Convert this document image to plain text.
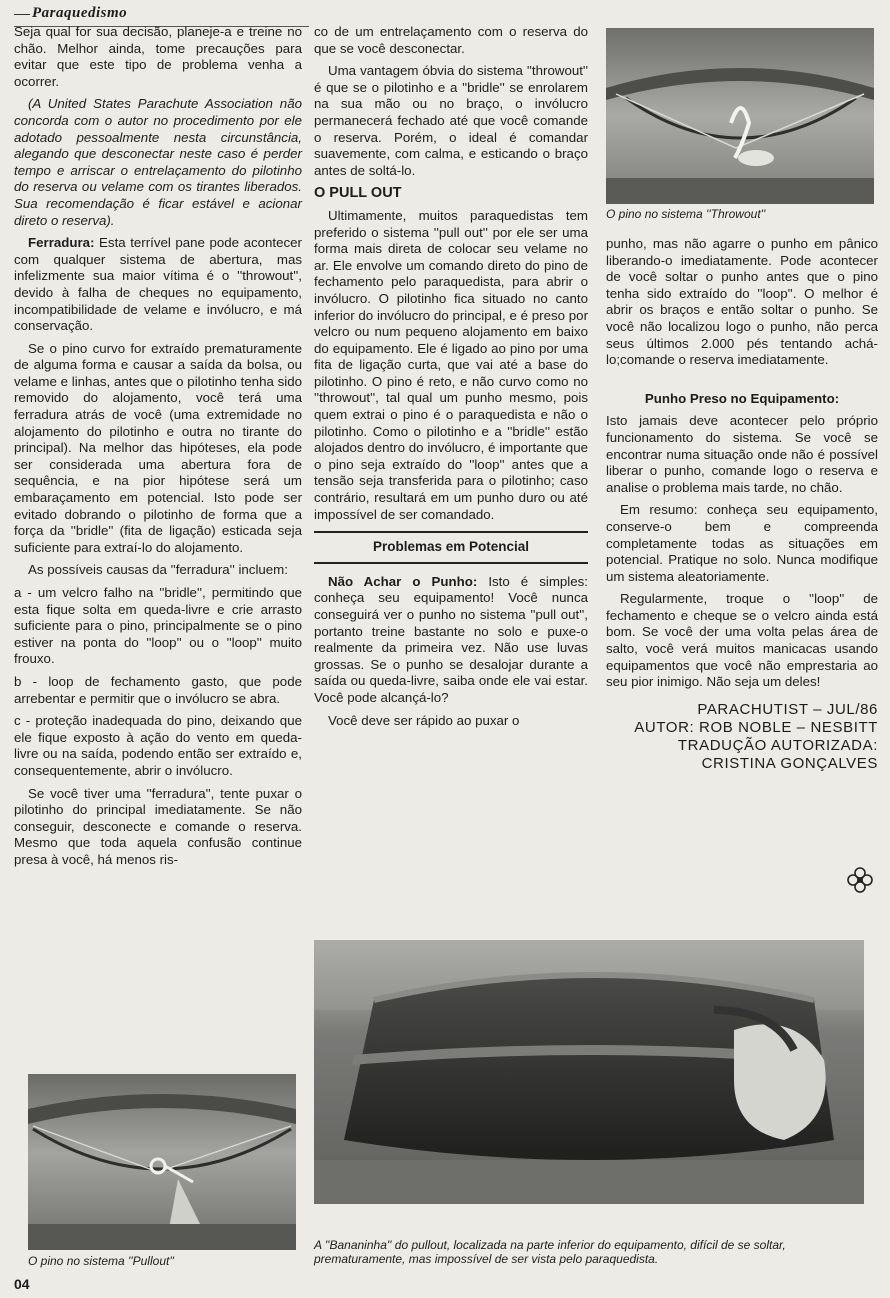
Paraquedismo

Seja qual for sua decisão, planeje-a e treine no chão. Melhor ainda, tome precauções para evitar que este tipo de problema venha a ocorrer.

(A United States Parachute Association não concorda com o autor no procedimento por ele adotado pessoalmente nesta circunstância, alegando que desconectar neste caso é perder tempo e arriscar o entrelaçamento do pilotinho do reserva ou velame com os tirantes liberados. Sua recomendação é ficar estável e acionar direto o reserva).

Ferradura: Esta terrível pane pode acontecer com qualquer sistema de abertura, mas infelizmente sua maior vítima é o ''throwout'', devido à falha de cheques no equipamento, incompatibilidade de velame e invólucro, e má conservação.

Se o pino curvo for extraído prematuramente de alguma forma e causar a saída da bolsa, ou velame e linhas, antes que o pilotinho tenha sido removido do alojamento, você terá uma ferradura atrás de você (uma extremidade no alojamento do pilotinho e outra no tirante do principal). Na melhor das hipóteses, ela pode ser considerada uma abertura fora de sequência, e na pior hipótese será um embaraçamento em potencial. Isto pode ser evitado dobrando o pilotinho de forma que a força da ''bridle'' (fita de ligação) esticada seja suficiente para extraí-lo do alojamento.

As possíveis causas da ''ferradura'' incluem:

a - um velcro falho na ''bridle'', permitindo que esta fique solta em queda-livre e crie arrasto suficiente para o pino, principalmente se o pino estiver na ponta do ''loop'' ou o ''loop'' muito frouxo.

b - loop de fechamento gasto, que pode arrebentar e permitir que o invólucro se abra.

c - proteção inadequada do pino, deixando que ele fique exposto à ação do vento em queda-livre ou na saída, podendo então ser extraído e, consequentemente, abrir o invólucro.

Se você tiver uma ''ferradura'', tente puxar o pilotinho do principal imediatamente. Se não conseguir, desconecte e comande o reserva. Mesmo que toda aquela confusão continue presa à você, há menos ris-

co de um entrelaçamento com o reserva do que se você desconectar.

Uma vantagem óbvia do sistema ''throwout'' é que se o pilotinho e a ''bridle'' se enrolarem na sua mão ou no braço, o invólucro permanecerá fechado até que você comande o reserva. Porém, o ideal é comandar suavemente, com calma, e esticando o braço antes de soltá-lo.

O PULL OUT

Ultimamente, muitos paraquedistas tem preferido o sistema ''pull out'' por ele ser uma forma mais direta de colocar seu velame no ar. Ele envolve um comando direto do pino de fechamento pelo paraquedista, para abrir o invólucro. O pilotinho fica situado no canto inferior do invólucro do principal, e é preso por velcro ou num pequeno alojamento em baixo do equipamento. Ele é ligado ao pino por uma fita de ligação curta, que vai até a base do pilotinho. O pino é reto, e não curvo como no ''throwout'', tal qual um punho mesmo, pois quem extrai o pino é o paraquedista e não o pilotinho. Como o pilotinho e a ''bridle'' estão alojados dentro do invólucro, é importante que o pino seja extraído do ''loop'' antes que a tensão seja transferida para o pilotinho; caso contrário, resultará em um punho duro ou até impossível de ser comandado.

Problemas em Potencial

Não Achar o Punho: Isto é simples: conheça seu equipamento! Você nunca conseguirá ver o punho no sistema ''pull out'', portanto treine bastante no solo e puxe-o realmente da primeira vez. Não use luvas grossas. Se o punho se desalojar durante a saída ou queda-livre, saiba onde ele vai estar. Você pode alcançá-lo?

Você deve ser rápido ao puxar o

punho, mas não agarre o punho em pânico liberando-o imediatamente. Pode acontecer de você soltar o punho antes que o pino tenha sido extraído do ''loop''. O melhor é abrir os braços e então soltar o punho. Se você não localizou logo o punho, não perca seus últimos 2.000 pés tentando achá-lo;comande o reserva imediatamente.

Punho Preso no Equipamento:

Isto jamais deve acontecer pelo próprio funcionamento do sistema. Se você se encontrar numa situação onde não é possível liberar o punho, comande logo o reserva e analise o problema mais tarde, no chão.

Em resumo: conheça seu equipamento, conserve-o bem e compreenda completamente todas as situações em potencial. Pratique no solo. Nunca modifique um sistema aleatoriamente.

Regularmente, troque o ''loop'' de fechamento e cheque se o velcro ainda está bom. Se você der uma volta pelas área de salto, você verá muitos manicacas usando equipamentos que você não emprestaria ao seu pior inimigo. Não seja um deles!

PARACHUTIST – JUL/86
AUTOR: ROB NOBLE – NESBITT
TRADUÇÃO AUTORIZADA:
CRISTINA GONÇALVES
O pino no sistema ''Throwout''
O pino no sistema ''Pullout''
A ''Bananinha'' do pullout, localizada na parte inferior do equipamento, difícil de se soltar, prematuramente, mas impossível de ser vista pelo paraquedista.
04
